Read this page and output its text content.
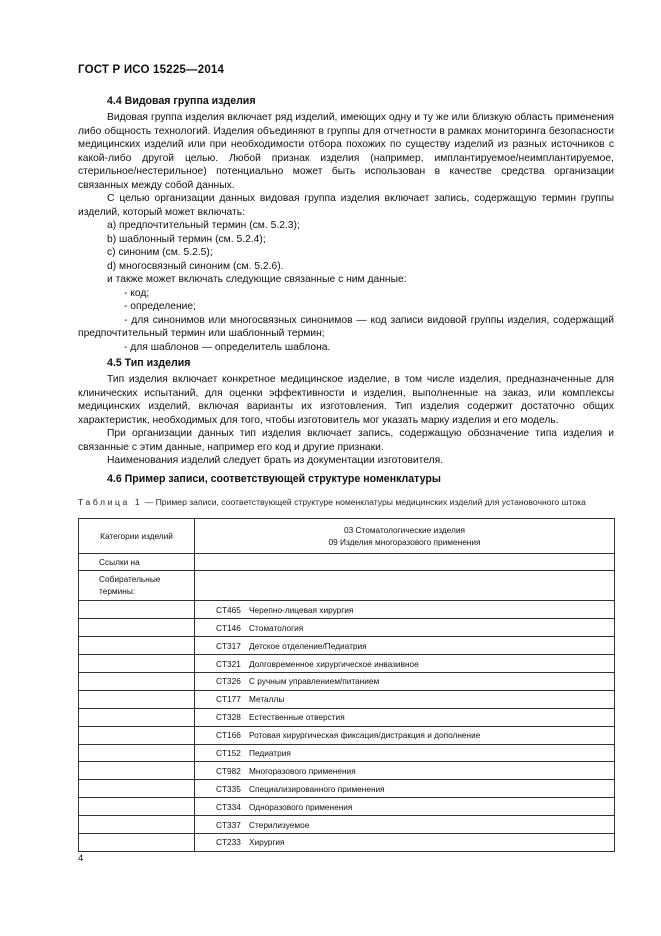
ГОСТ Р ИСО 15225—2014
4.4 Видовая группа изделия

Видовая группа изделия включает ряд изделий, имеющих одну и ту же или близкую область применения либо общность технологий. Изделия объединяют в группы для отчетности в рамках мониторинга безопасности медицинских изделий или при необходимости отбора похожих по существу изделий из разных источников с какой-либо другой целью. Любой признак изделия (например, имплантируемое/неимплантируемое, стерильное/нестерильное) потенциально может быть использован в качестве средства организации связанных между собой данных.

С целью организации данных видовая группа изделия включает запись, содержащую термин группы изделий, который может включать:

a) предпочтительный термин (см. 5.2.3);

b) шаблонный термин (см. 5.2.4);

c) синоним (см. 5.2.5);

d) многосвязный синоним (см. 5.2.6).

и также может включать следующие связанные с ним данные:

- код;

- определение;

- для синонимов или многосвязных синонимов — код записи видовой группы изделия, содержащий предпочтительный термин или шаблонный термин;

- для шаблонов — определитель шаблона.

4.5 Тип изделия

Тип изделия включает конкретное медицинское изделие, в том числе изделия, предназначенные для клинических испытаний, для оценки эффективности и изделия, выполненные на заказ, или комплексы медицинских изделий, включая варианты их изготовления. Тип изделия содержит достаточно общих характеристик, необходимых для того, чтобы изготовитель мог указать марку изделия и его модель.

При организации данных тип изделия включает запись, содержащую обозначение типа изделия и связанные с этим данные, например его код и другие признаки.

Наименования изделий следует брать из документации изготовителя.

4.6 Пример записи, соответствующей структуре номенклатуры
Таблица 1 — Пример записи, соответствующей структуре номенклатуры медицинских изделий для установочного штока
Категории изделий	03 Стоматологические изделия
09 Изделия многоразового применения

Ссылки на	
Собирательные термины:	
	CT465 Черепно-лицевая хирургия
	CT146 Стоматология
	CT317 Детское отделение/Педиатрия
	CT321 Долговременное хирургическое инвазивное
	CT326 С ручным управлением/питанием
	CT177 Металлы
	CT328 Естественные отверстия
	CT166 Ротовая хирургическая фиксация/дистракция и дополнение
	CT152 Педиатрия
	CT982 Многоразового применения
	CT335 Специализированного применения
	CT334 Одноразового применения
	CT337 Стерилизуемое
	CT233 Хирургия
4
